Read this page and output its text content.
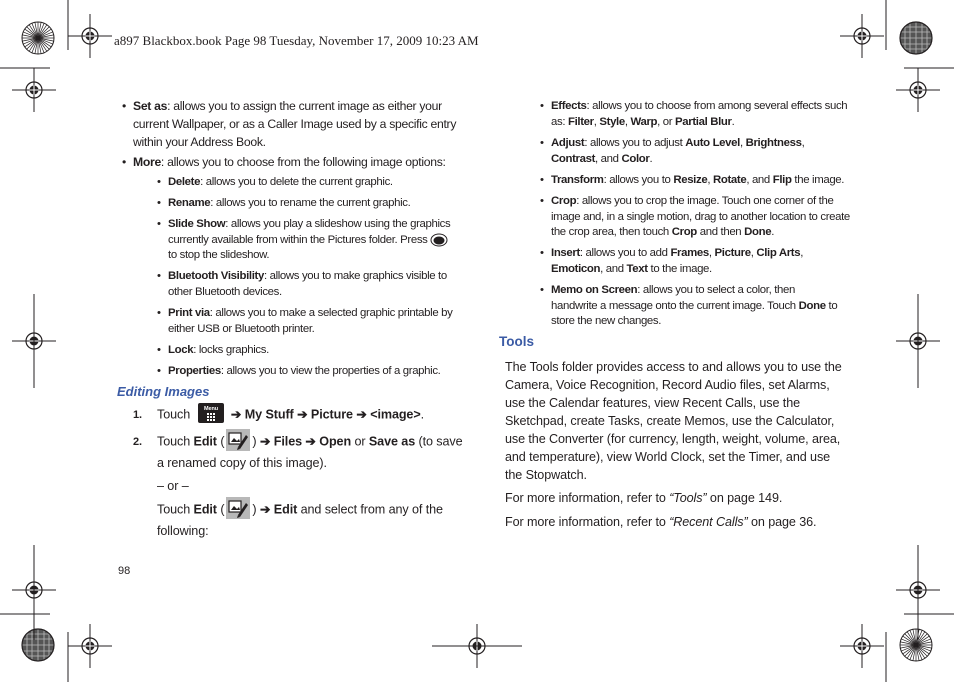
a897 Blackbox.book Page 98 Tuesday, November 17, 2009 10:23 AM
• Set as: allows you to assign the current image as either your current Wallpaper, or as a Caller Image used by a specific entry within your Address Book.
• More: allows you to choose from the following image options:
• Delete: allows you to delete the current graphic.
• Rename: allows you to rename the current graphic.
• Slide Show: allows you play a slideshow using the graphics currently available from within the Pictures folder. Press  to stop the slideshow.
• Bluetooth Visibility: allows you to make graphics visible to other Bluetooth devices.
• Print via: allows you to make a selected graphic printable by either USB or Bluetooth printer.
• Lock: locks graphics.
• Properties: allows you to view the properties of a graphic.
Editing Images
1. Touch Menu ➔ My Stuff ➔ Picture ➔ <image>.
2. Touch Edit ( ) ➔ Files ➔ Open or Save as (to save a renamed copy of this image).
– or –
Touch Edit ( ) ➔ Edit and select from any of the following:
98
• Effects: allows you to choose from among several effects such as: Filter, Style, Warp, or Partial Blur.
• Adjust: allows you to adjust Auto Level, Brightness, Contrast, and Color.
• Transform: allows you to Resize, Rotate, and Flip the image.
• Crop: allows you to crop the image. Touch one corner of the image and, in a single motion, drag to another location to create the crop area, then touch Crop and then Done.
• Insert: allows you to add Frames, Picture, Clip Arts, Emoticon, and Text to the image.
• Memo on Screen: allows you to select a color, then handwrite a message onto the current image. Touch Done to store the new changes.
Tools
The Tools folder provides access to and allows you to use the Camera, Voice Recognition, Record Audio files, set Alarms, use the Calendar features, view Recent Calls, use the Sketchpad, create Tasks, create Memos, use the Calculator, use the Converter (for currency, length, weight, volume, area, and temperature), view World Clock, set the Timer, and use the Stopwatch.
For more information, refer to “Tools” on page 149.
For more information, refer to “Recent Calls” on page 36.
